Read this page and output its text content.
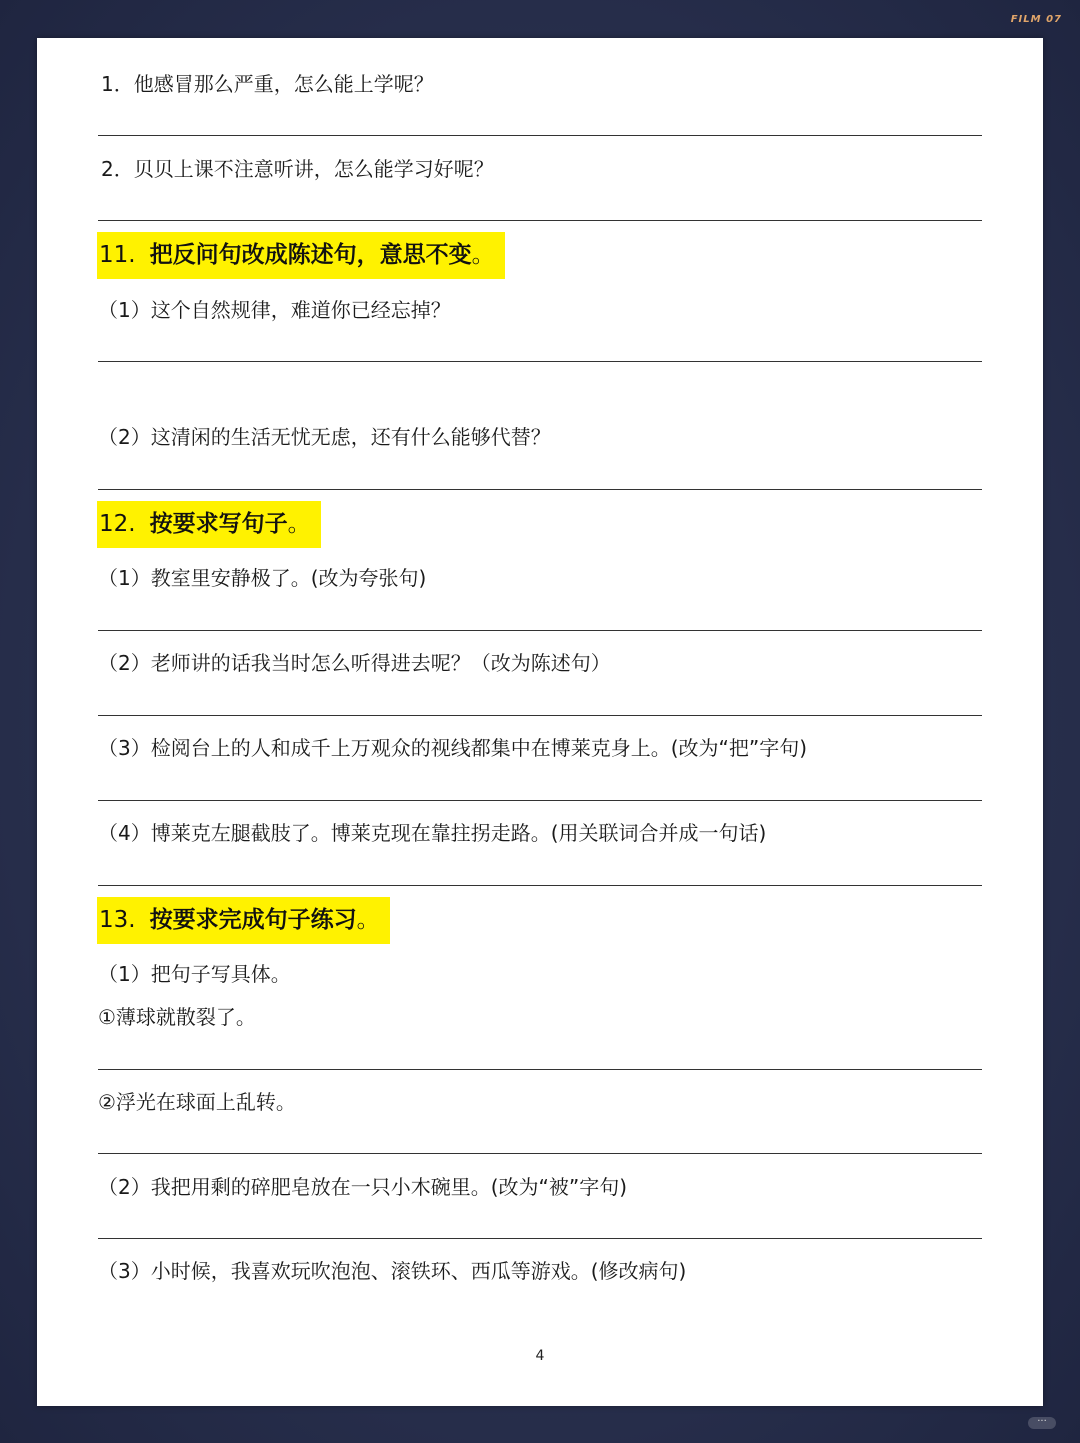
FILM 07
1．他感冒那么严重，怎么能上学呢？
2．贝贝上课不注意听讲，怎么能学习好呢？
11. 把反问句改成陈述句，意思不变。
（1）这个自然规律，难道你已经忘掉？
（2）这清闲的生活无忧无虑，还有什么能够代替？
12. 按要求写句子。
（1）教室里安静极了。(改为夸张句)
（2）老师讲的话我当时怎么听得进去呢？（改为陈述句）
（3）检阅台上的人和成千上万观众的视线都集中在博莱克身上。(改为“把”字句)
（4）博莱克左腿截肢了。博莱克现在靠拄拐走路。(用关联词合并成一句话)
13. 按要求完成句子练习。
（1）把句子写具体。
①薄球就散裂了。
②浮光在球面上乱转。
（2）我把用剩的碎肥皂放在一只小木碗里。(改为“被”字句)
（3）小时候，我喜欢玩吹泡泡、滚铁环、西瓜等游戏。(修改病句)
4
···
